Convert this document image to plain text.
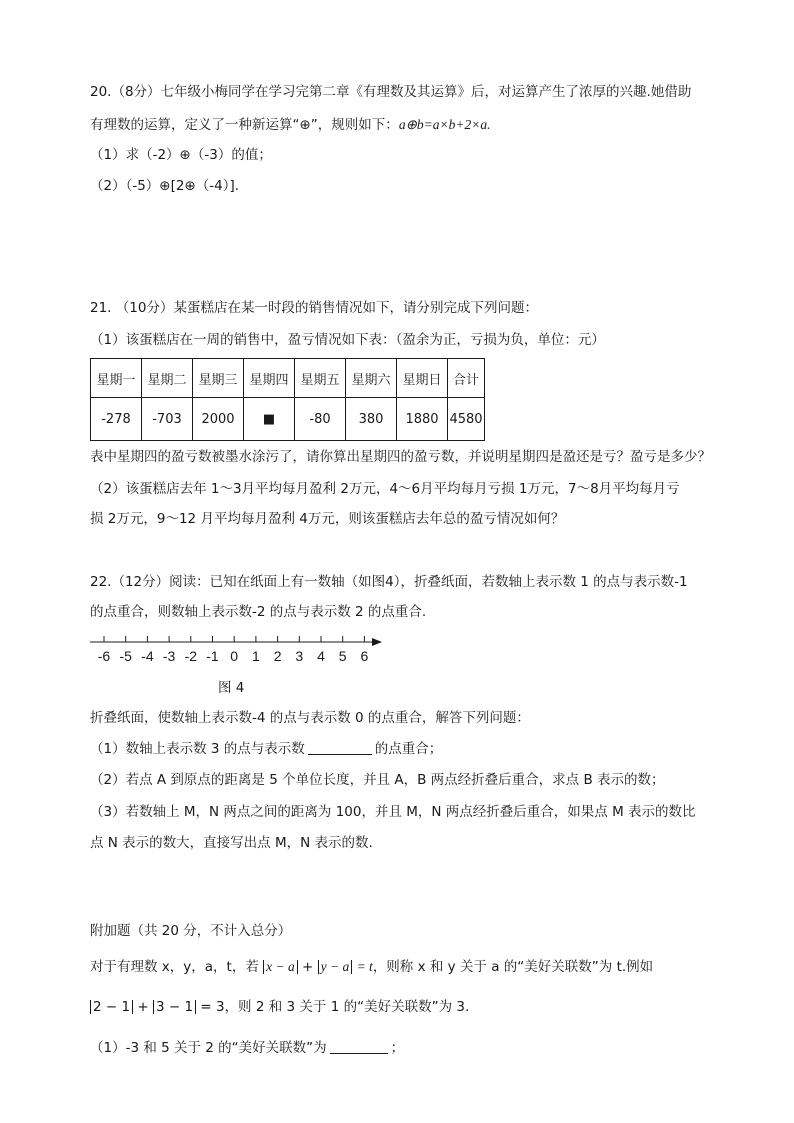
20.（8分）七年级小梅同学在学习完第二章《有理数及其运算》后，对运算产生了浓厚的兴趣.她借助
有理数的运算，定义了一种新运算“⊕”，规则如下：a⊕b=a×b+2×a.
（1）求（-2）⊕（-3）的值；
（2）（-5）⊕[2⊕（-4）]．
21. （10分）某蛋糕店在某一时段的销售情况如下，请分别完成下列问题：
（1）该蛋糕店在一周的销售中，盈亏情况如下表：（盈余为正，亏损为负，单位：元）
星期一	星期二	星期三	星期四	星期五	星期六	星期日	合计
-278	-703	2000	■	-80	380	1880	4580
表中星期四的盈亏数被墨水涂污了，请你算出星期四的盈亏数，并说明星期四是盈还是亏？盈亏是多少？
（2）该蛋糕店去年 1～3月平均每月盈利 2万元，4～6月平均每月亏损 1万元，7～8月平均每月亏
损 2万元，9～12 月平均每月盈利 4万元，则该蛋糕店去年总的盈亏情况如何？
22.（12分）阅读：已知在纸面上有一数轴（如图4），折叠纸面，若数轴上表示数 1 的点与表示数-1
的点重合，则数轴上表示数-2 的点与表示数 2 的点重合.
-6 -5 -4 -3 -2 -1 0 1 2 3 4 5 6
图 4
折叠纸面，使数轴上表示数-4 的点与表示数 0 的点重合，解答下列问题：
（1）数轴上表示数 3 的点与表示数	的点重合；
（2）若点 A 到原点的距离是 5 个单位长度，并且 A，B 两点经折叠后重合，求点 B 表示的数；
（3）若数轴上 M，N 两点之间的距离为 100，并且 M，N 两点经折叠后重合，如果点 M 表示的数比
点 N 表示的数大，直接写出点 M，N 表示的数.
附加题（共 20 分，不计入总分）
对于有理数 x，y，a，t，若 x − a + y − a = t，则称 x 和 y 关于 a 的“美好关联数”为 t.例如
2 − 1 + 3 − 1 = 3，则 2 和 3 关于 1 的“美好关联数”为 3.
（1）-3 和 5 关于 2 的“美好关联数”为	；
